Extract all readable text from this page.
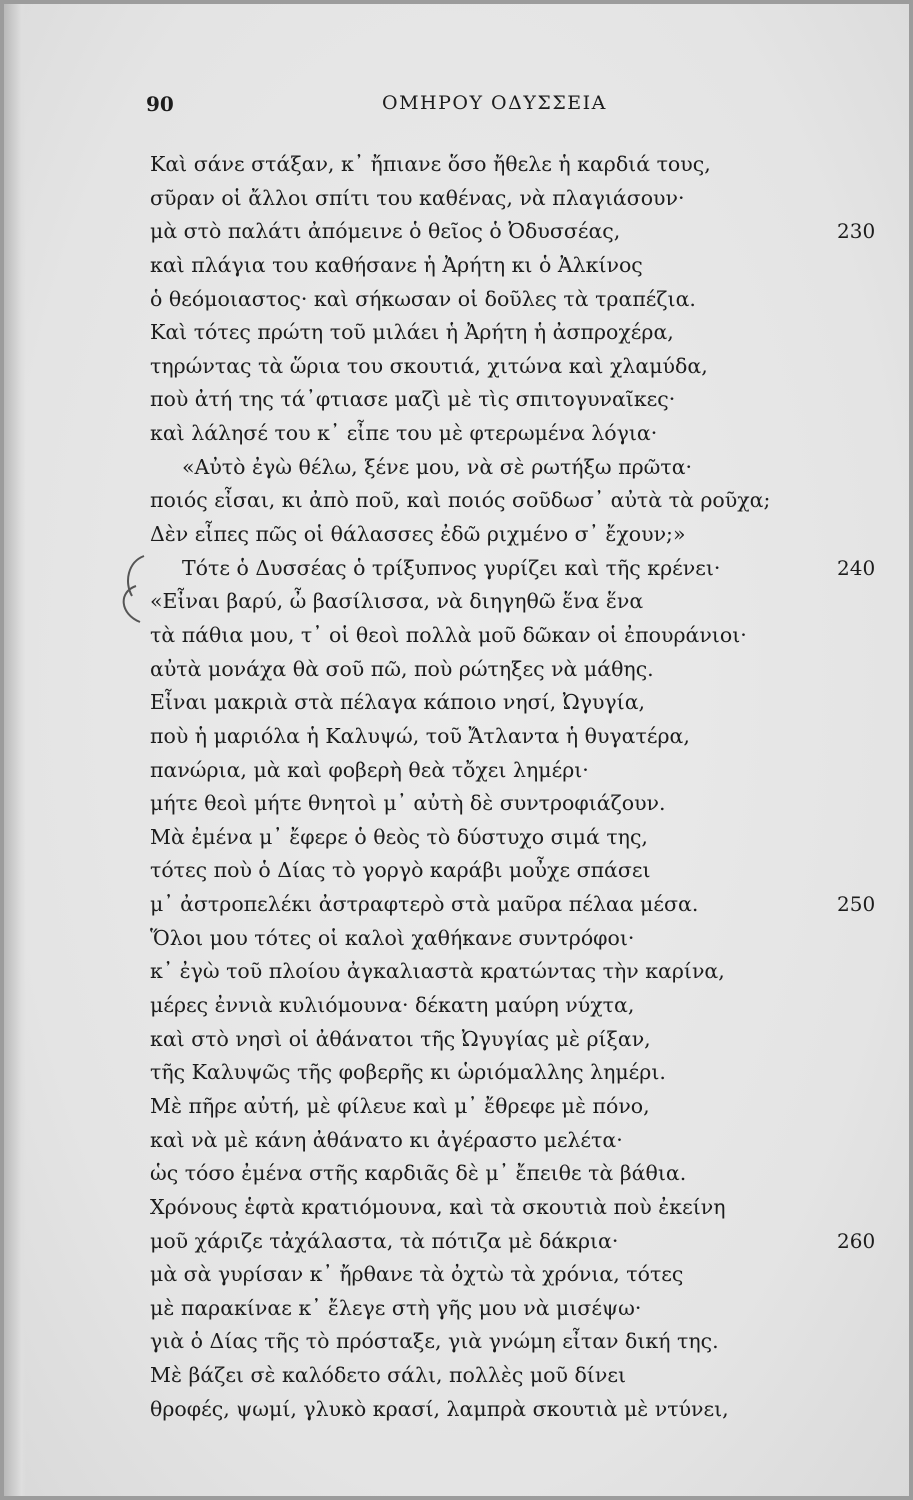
90	ΟΜΗΡΟΥ ΟΔΥΣΣΕΙΑ
Καὶ σάνε στάξαν, κ᾽ ἤπιανε ὅσο ἤθελε ἡ καρδιά τους,
σῦραν οἱ ἄλλοι σπίτι του καθένας, νὰ πλαγιάσουν·
μὰ στὸ παλάτι ἀπόμεινε ὁ θεῖος ὁ Ὀδυσσέας,	230
καὶ πλάγια του καθήσανε ἡ Ἀρήτη κι ὁ Ἀλκίνος
ὁ θεόμοιαστος· καὶ σήκωσαν οἱ δοῦλες τὰ τραπέζια.
Καὶ τότες πρώτη τοῦ μιλάει ἡ Ἀρήτη ἡ ἀσπροχέρα,
τηρώντας τὰ ὥρια του σκουτιά, χιτώνα καὶ χλαμύδα,
ποὺ ἀτή της τά᾽φτιασε μαζὶ μὲ τὶς σπιτογυναῖκες·
καὶ λάλησέ του κ᾽ εἶπε του μὲ φτερωμένα λόγια·
«Αὐτὸ ἐγὼ θέλω, ξένε μου, νὰ σὲ ρωτήξω πρῶτα·
ποιός εἶσαι, κι ἀπὸ ποῦ, καὶ ποιός σοῦδωσ᾽ αὐτὰ τὰ ροῦχα;
Δὲν εἶπες πῶς οἱ θάλασσες ἐδῶ ριχμένο σ᾽ ἔχουν;»
Τότε ὁ Δυσσέας ὁ τρίξυπνος γυρίζει καὶ τῆς κρένει·	240
«Εἶναι βαρύ, ὦ βασίλισσα, νὰ διηγηθῶ ἕνα ἕνα
τὰ πάθια μου, τ᾽ οἱ θεοὶ πολλὰ μοῦ δῶκαν οἱ ἐπουράνιοι·
αὐτὰ μονάχα θὰ σοῦ πῶ, ποὺ ρώτηξες νὰ μάθης.
Εἶναι μακριὰ στὰ πέλαγα κάποιο νησί, Ὠγυγία,
ποὺ ἡ μαριόλα ἡ Καλυψώ, τοῦ Ἄτλαντα ἡ θυγατέρα,
πανώρια, μὰ καὶ φοβερὴ θεὰ τὄχει λημέρι·
μήτε θεοὶ μήτε θνητοὶ μ᾽ αὐτὴ δὲ συντροφιάζουν.
Μὰ ἐμένα μ᾽ ἔφερε ὁ θεὸς τὸ δύστυχο σιμά της,
τότες ποὺ ὁ Δίας τὸ γοργὸ καράβι μοὖχε σπάσει
μ᾽ ἀστροπελέκι ἀστραφτερὸ στὰ μαῦρα πέλαα μέσα.	250
Ὅλοι μου τότες οἱ καλοὶ χαθήκανε συντρόφοι·
κ᾽ ἐγὼ τοῦ πλοίου ἀγκαλιαστὰ κρατώντας τὴν καρίνα,
μέρες ἐννιὰ κυλιόμουνα· δέκατη μαύρη νύχτα,
καὶ στὸ νησὶ οἱ ἀθάνατοι τῆς Ὠγυγίας μὲ ρίξαν,
τῆς Καλυψῶς τῆς φοβερῆς κι ὡριόμαλλης λημέρι.
Μὲ πῆρε αὐτή, μὲ φίλευε καὶ μ᾽ ἔθρεφε μὲ πόνο,
καὶ νὰ μὲ κάνη ἀθάνατο κι ἀγέραστο μελέτα·
ὡς τόσο ἐμένα στῆς καρδιᾶς δὲ μ᾽ ἔπειθε τὰ βάθια.
Χρόνους ἑφτὰ κρατιόμουνα, καὶ τὰ σκουτιὰ ποὺ ἐκείνη
μοῦ χάριζε τἀχάλαστα, τὰ πότιζα μὲ δάκρια·	260
μὰ σὰ γυρίσαν κ᾽ ἤρθανε τὰ ὀχτὼ τὰ χρόνια, τότες
μὲ παρακίναε κ᾽ ἔλεγε στὴ γῆς μου νὰ μισέψω·
γιὰ ὁ Δίας τῆς τὸ πρόσταξε, γιὰ γνώμη εἶταν δική της.
Μὲ βάζει σὲ καλόδετο σάλι, πολλὲς μοῦ δίνει
θροφές, ψωμί, γλυκὸ κρασί, λαμπρὰ σκουτιὰ μὲ ντύνει,
